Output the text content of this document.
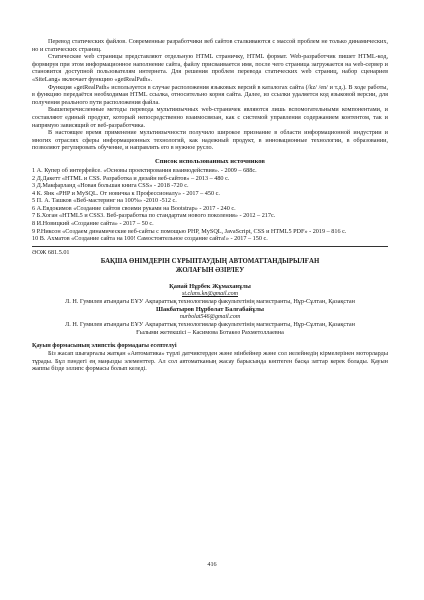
Перевод статических файлов. Современные разработчики веб сайтов сталкиваются с массой проблем не только динамических, но и статических страниц.

Статические web страницы представляют отдельную HTML страничку, HTML формат. Web-разработчик пишет HTML-код, формируя при этом информационное наполнение сайта, файлу присваивается имя, после чего страница загружается на web-сервер и становится доступной пользователям интернета. Для решения проблем перевода статических web страниц, набор сценариев «SiteLang» включает функцию «getRealPath».

Функция «getRealPath» используется в случае расположения языковых версий в каталогах сайта (/kz/ /en/ и т.д.). В ходе работы, в функцию передаётся необходимая HTML ссылка, относительно корня сайта. Далее, из ссылки удаляется код языковой версии, для получения реального пути расположения файла.

Вышеперечисленные методы перевода мультиязычных web-страничек являются лишь вспомогательными компонентами, и составляют единый продукт, который непосредственно взаимосвязан, как с системой управления содержанием контентом, так и напрямую зависящий от веб-разработчика.

В настоящее время применение мультиязычности получило широкое признание в области информационной индустрии и многих отраслях сферы информационных технологий, как надежный продукт, в инновационные технологии, в образовании, позволяют регулировать обучение, и направлять его в нужное русло.

Список использованных источников

1 А. Купер об интерфейсе. «Основы проектирования взаимодействия». - 2009 – 688с.

2 Д.Дакетт «HTML и CSS. Разработка и дизайн веб-сайтов» – 2013 – 480 с.

3 Д.Макфарланд «Новая большая книга CSS» - 2018 -720 с.

4 К. Янк «PHP и MySQL. От новичка к Профессионалу» - 2017 – 450 с.

5 П. А. Ташков «Веб-мастеринг на 100%» -2010 -512 с.

6 А.Евдокимов «Создание сайтов своими руками на Bootstrap» - 2017 - 240 с.

7 Б.Хоган «HTML5 и CSS3. Веб-разработка по стандартам нового поколения» - 2012 – 217с.

8 И.Новицкий «Создание сайта» - 2017 – 50 с.

9 Р.Никсон «Создаем динамические веб-сайты с помощью PHP, MySQL, JavaScript, CSS и HTML5 PDF» - 2019 – 816 с.

10 В. Ахматов «Создание сайта на 100! Самостоятельное создание сайта!» - 2017 – 150 с.

ӘОЖ 681.5.01
БАҚША ӨНІМДЕРІН СҰРЫПТАУДЫҢ АВТОМАТТАНДЫРЫЛҒАН
ЖОЛАҒЫН ӘЗІРЛЕУ
Қанай Нұрбек Жұмаханұлы
st.clans.kn@gmail.com
Л. Н. Гумилев атындағы ЕҰУ Ақпараттық технологиялар факультетінің магистранты, Нұр-Сұлтан, Қазақстан
Шакбатыров Нұрболат Балғабайұлы
nurbolat546@gmail.com
Л. Н. Гумилев атындағы ЕҰУ Ақпараттық технологиялар факультетінің магистранты, Нұр-Сұлтан, Қазақстан
Ғылыми жетекшісі – Касимова Ботакөз Рахметоллаевна
Қауын формасының элипстік формадағы есептелуі

Біз жасап шығарғалы жатқан «Автоматика» түрлі датчиктерден және мінбейнер және сол иелейнедің кірмелерінен моторларды тұрады. Бұл пәндегі ең маңызды элементтер. Ал сол автоматканың жасау барысында көптеген басқа заттар керек болады. Қауын жаппы бізде эллипс формасы болып келеді.

416
